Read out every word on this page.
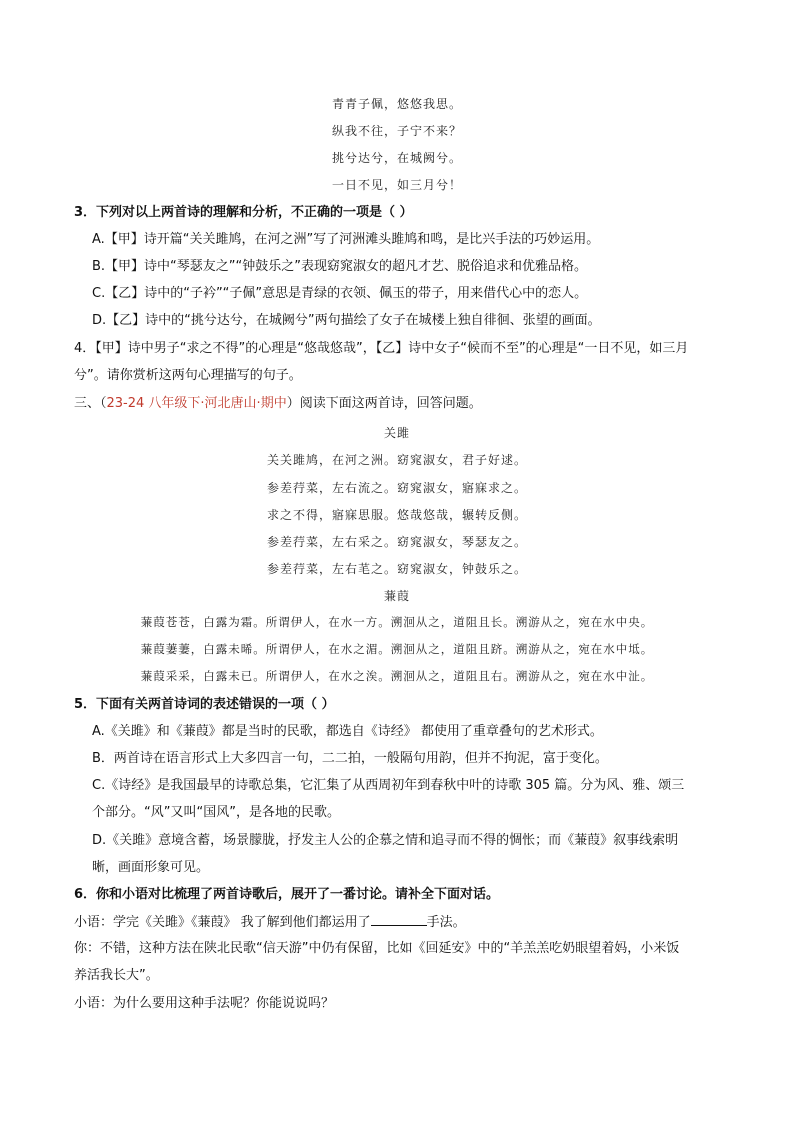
青青子佩，悠悠我思。
纵我不往，子宁不来？
挑兮达兮，在城阙兮。
一日不见，如三月兮！
3．下列对以上两首诗的理解和分析，不正确的一项是（ ）
A.【甲】诗开篇“关关雎鸠，在河之洲”写了河洲滩头雎鸠和鸣，是比兴手法的巧妙运用。
B.【甲】诗中“琴瑟友之”“钟鼓乐之”表现窈窕淑女的超凡才艺、脱俗追求和优雅品格。
C.【乙】诗中的“子衿”“子佩”意思是青绿的衣领、佩玉的带子，用来借代心中的恋人。
D.【乙】诗中的“挑兮达兮，在城阙兮”两句描绘了女子在城楼上独自徘徊、张望的画面。
4．【甲】诗中男子“求之不得”的心理是“悠哉悠哉”，【乙】诗中女子“候而不至”的心理是“一日不见，如三月
兮”。请你赏析这两句心理描写的句子。
三、（23-24 八年级下·河北唐山·期中）阅读下面这两首诗，回答问题。
关雎
关关雎鸠，在河之洲。窈窕淑女，君子好逑。
参差荇菜，左右流之。窈窕淑女，寤寐求之。
求之不得，寤寐思服。悠哉悠哉，辗转反侧。
参差荇菜，左右采之。窈窕淑女，琴瑟友之。
参差荇菜，左右芼之。窈窕淑女，钟鼓乐之。
蒹葭
蒹葭苍苍，白露为霜。所谓伊人，在水一方。溯洄从之，道阻且长。溯游从之，宛在水中央。
蒹葭萋萋，白露未晞。所谓伊人，在水之湄。溯洄从之，道阻且跻。溯游从之，宛在水中坻。
蒹葭采采，白露未已。所谓伊人，在水之涘。溯洄从之，道阻且右。溯游从之，宛在水中沚。
5．下面有关两首诗词的表述错误的一项（ ）
A.《关雎》和《蒹葭》都是当时的民歌，都选自《诗经》 都使用了重章叠句的艺术形式。
B．两首诗在语言形式上大多四言一句，二二拍，一般隔句用韵，但并不拘泥，富于变化。
C.《诗经》是我国最早的诗歌总集，它汇集了从西周初年到春秋中叶的诗歌 305 篇。分为风、雅、颂三
个部分。“风”又叫“国风”，是各地的民歌。
D.《关雎》意境含蓄，场景朦胧，抒发主人公的企慕之情和追寻而不得的惆怅；而《蒹葭》叙事线索明
晰，画面形象可见。
6．你和小语对比梳理了两首诗歌后，展开了一番讨论。请补全下面对话。
小语：学完《关雎》《蒹葭》 我了解到他们都运用了	手法。
你：不错，这种方法在陕北民歌“信天游”中仍有保留，比如《回延安》中的“羊羔羔吃奶眼望着妈，小米饭
养活我长大”。
小语：为什么要用这种手法呢？你能说说吗？
